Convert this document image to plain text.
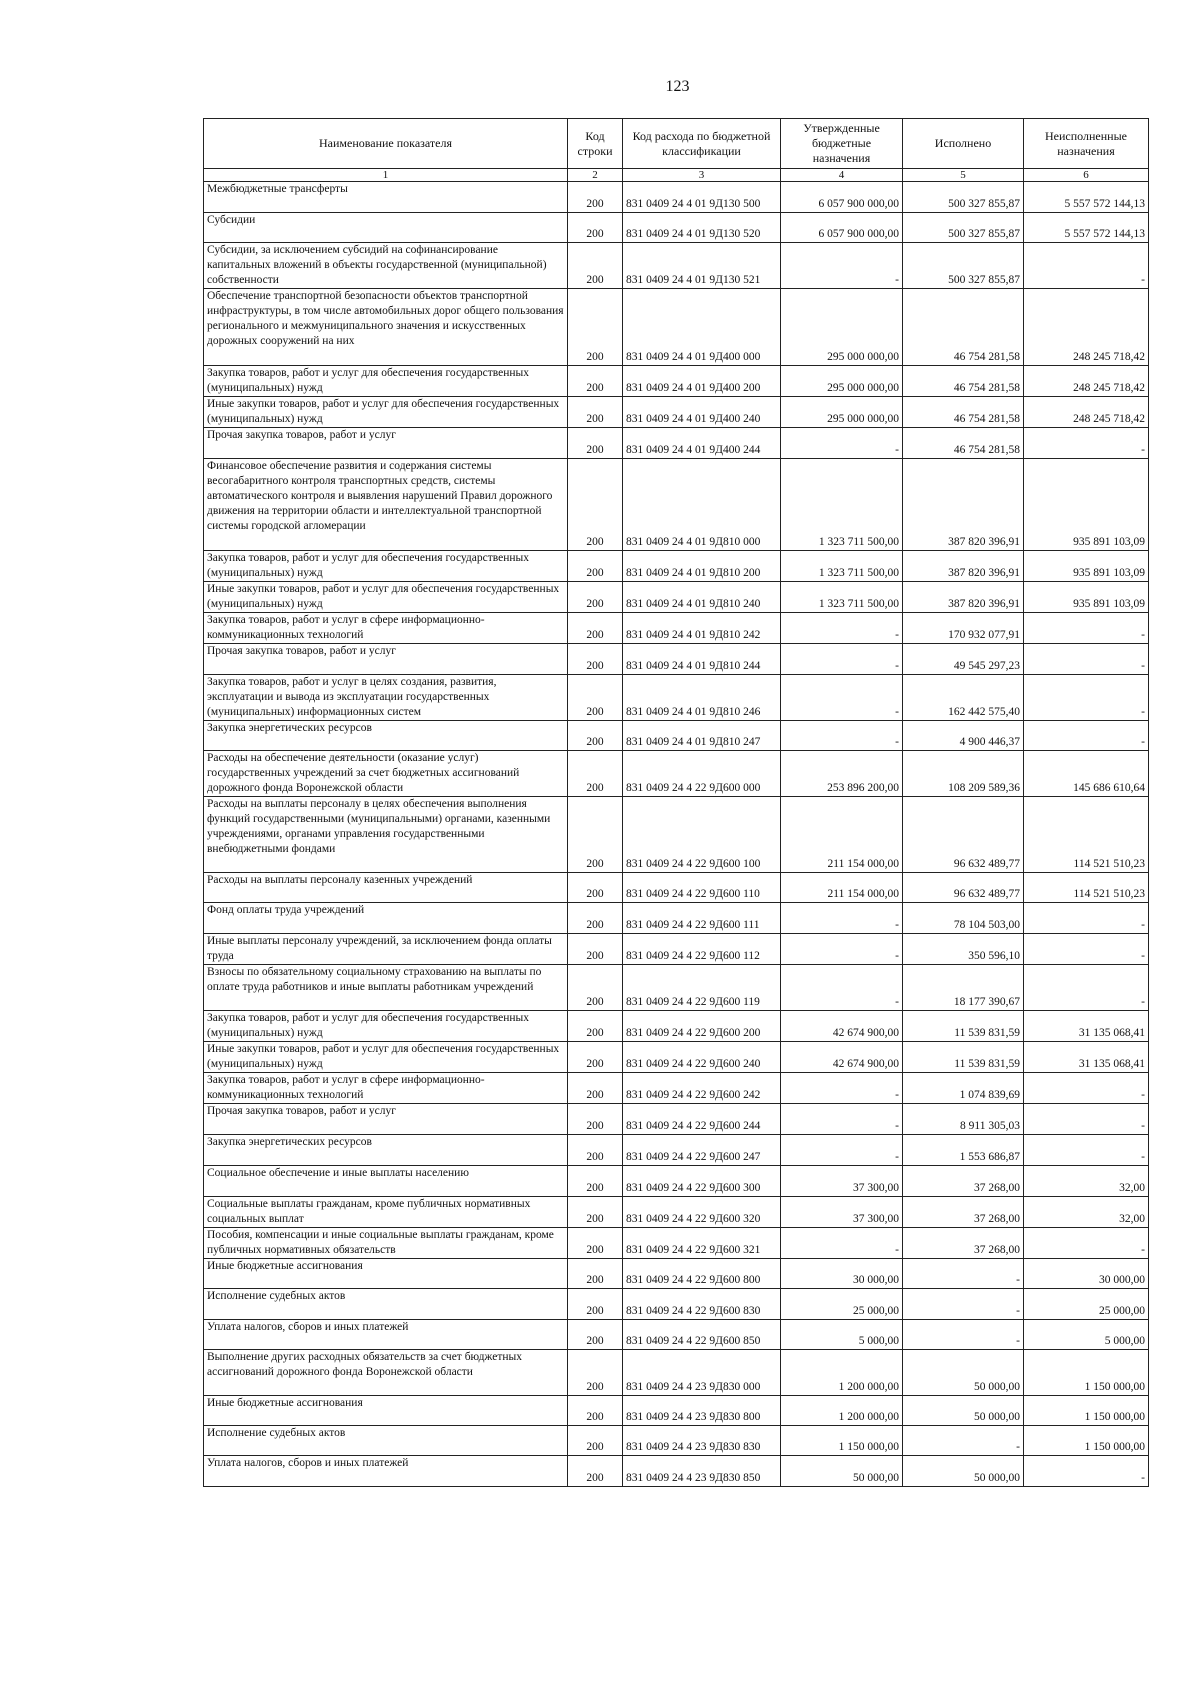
123
Наименование показателя	Код строки	Код расхода по бюджетной классификации	Утвержденные бюджетные назначения	Исполнено	Неисполненные назначения
1	2	3	4	5	6
Межбюджетные трансферты	200	831 0409 24 4 01 9Д130 500	6 057 900 000,00	500 327 855,87	5 557 572 144,13
Субсидии	200	831 0409 24 4 01 9Д130 520	6 057 900 000,00	500 327 855,87	5 557 572 144,13
Субсидии, за исключением субсидий на софинансирование капитальных вложений в объекты государственной (муниципальной) собственности	200	831 0409 24 4 01 9Д130 521	-	500 327 855,87	-
Обеспечение транспортной безопасности объектов транспортной инфраструктуры, в том числе автомобильных дорог общего пользования регионального и межмуниципального значения и искусственных дорожных сооружений на них	200	831 0409 24 4 01 9Д400 000	295 000 000,00	46 754 281,58	248 245 718,42
Закупка товаров, работ и услуг для обеспечения государственных (муниципальных) нужд	200	831 0409 24 4 01 9Д400 200	295 000 000,00	46 754 281,58	248 245 718,42
Иные закупки товаров, работ и услуг для обеспечения государственных (муниципальных) нужд	200	831 0409 24 4 01 9Д400 240	295 000 000,00	46 754 281,58	248 245 718,42
Прочая закупка товаров, работ и услуг	200	831 0409 24 4 01 9Д400 244	-	46 754 281,58	-
Финансовое обеспечение развития и содержания системы весогабаритного контроля транспортных средств, системы автоматического контроля и выявления нарушений Правил дорожного движения на территории области и интеллектуальной транспортной системы городской агломерации	200	831 0409 24 4 01 9Д810 000	1 323 711 500,00	387 820 396,91	935 891 103,09
Закупка товаров, работ и услуг для обеспечения государственных (муниципальных) нужд	200	831 0409 24 4 01 9Д810 200	1 323 711 500,00	387 820 396,91	935 891 103,09
Иные закупки товаров, работ и услуг для обеспечения государственных (муниципальных) нужд	200	831 0409 24 4 01 9Д810 240	1 323 711 500,00	387 820 396,91	935 891 103,09
Закупка товаров, работ и услуг в сфере информационно-коммуникационных технологий	200	831 0409 24 4 01 9Д810 242	-	170 932 077,91	-
Прочая закупка товаров, работ и услуг	200	831 0409 24 4 01 9Д810 244	-	49 545 297,23	-
Закупка товаров, работ и услуг в целях создания, развития, эксплуатации и вывода из эксплуатации государственных (муниципальных) информационных систем	200	831 0409 24 4 01 9Д810 246	-	162 442 575,40	-
Закупка энергетических ресурсов	200	831 0409 24 4 01 9Д810 247	-	4 900 446,37	-
Расходы на обеспечение деятельности (оказание услуг) государственных учреждений за счет бюджетных ассигнований дорожного фонда Воронежской области	200	831 0409 24 4 22 9Д600 000	253 896 200,00	108 209 589,36	145 686 610,64
Расходы на выплаты персоналу в целях обеспечения выполнения функций государственными (муниципальными) органами, казенными учреждениями, органами управления государственными внебюджетными фондами	200	831 0409 24 4 22 9Д600 100	211 154 000,00	96 632 489,77	114 521 510,23
Расходы на выплаты персоналу казенных учреждений	200	831 0409 24 4 22 9Д600 110	211 154 000,00	96 632 489,77	114 521 510,23
Фонд оплаты труда учреждений	200	831 0409 24 4 22 9Д600 111	-	78 104 503,00	-
Иные выплаты персоналу учреждений, за исключением фонда оплаты труда	200	831 0409 24 4 22 9Д600 112	-	350 596,10	-
Взносы по обязательному социальному страхованию на выплаты по оплате труда работников и иные выплаты работникам учреждений	200	831 0409 24 4 22 9Д600 119	-	18 177 390,67	-
Закупка товаров, работ и услуг для обеспечения государственных (муниципальных) нужд	200	831 0409 24 4 22 9Д600 200	42 674 900,00	11 539 831,59	31 135 068,41
Иные закупки товаров, работ и услуг для обеспечения государственных (муниципальных) нужд	200	831 0409 24 4 22 9Д600 240	42 674 900,00	11 539 831,59	31 135 068,41
Закупка товаров, работ и услуг в сфере информационно-коммуникационных технологий	200	831 0409 24 4 22 9Д600 242	-	1 074 839,69	-
Прочая закупка товаров, работ и услуг	200	831 0409 24 4 22 9Д600 244	-	8 911 305,03	-
Закупка энергетических ресурсов	200	831 0409 24 4 22 9Д600 247	-	1 553 686,87	-
Социальное обеспечение и иные выплаты населению	200	831 0409 24 4 22 9Д600 300	37 300,00	37 268,00	32,00
Социальные выплаты гражданам, кроме публичных нормативных социальных выплат	200	831 0409 24 4 22 9Д600 320	37 300,00	37 268,00	32,00
Пособия, компенсации и иные социальные выплаты гражданам, кроме публичных нормативных обязательств	200	831 0409 24 4 22 9Д600 321	-	37 268,00	-
Иные бюджетные ассигнования	200	831 0409 24 4 22 9Д600 800	30 000,00	-	30 000,00
Исполнение судебных актов	200	831 0409 24 4 22 9Д600 830	25 000,00	-	25 000,00
Уплата налогов, сборов и иных платежей	200	831 0409 24 4 22 9Д600 850	5 000,00	-	5 000,00
Выполнение других расходных обязательств за счет бюджетных ассигнований дорожного фонда Воронежской области	200	831 0409 24 4 23 9Д830 000	1 200 000,00	50 000,00	1 150 000,00
Иные бюджетные ассигнования	200	831 0409 24 4 23 9Д830 800	1 200 000,00	50 000,00	1 150 000,00
Исполнение судебных актов	200	831 0409 24 4 23 9Д830 830	1 150 000,00	-	1 150 000,00
Уплата налогов, сборов и иных платежей	200	831 0409 24 4 23 9Д830 850	50 000,00	50 000,00	-
